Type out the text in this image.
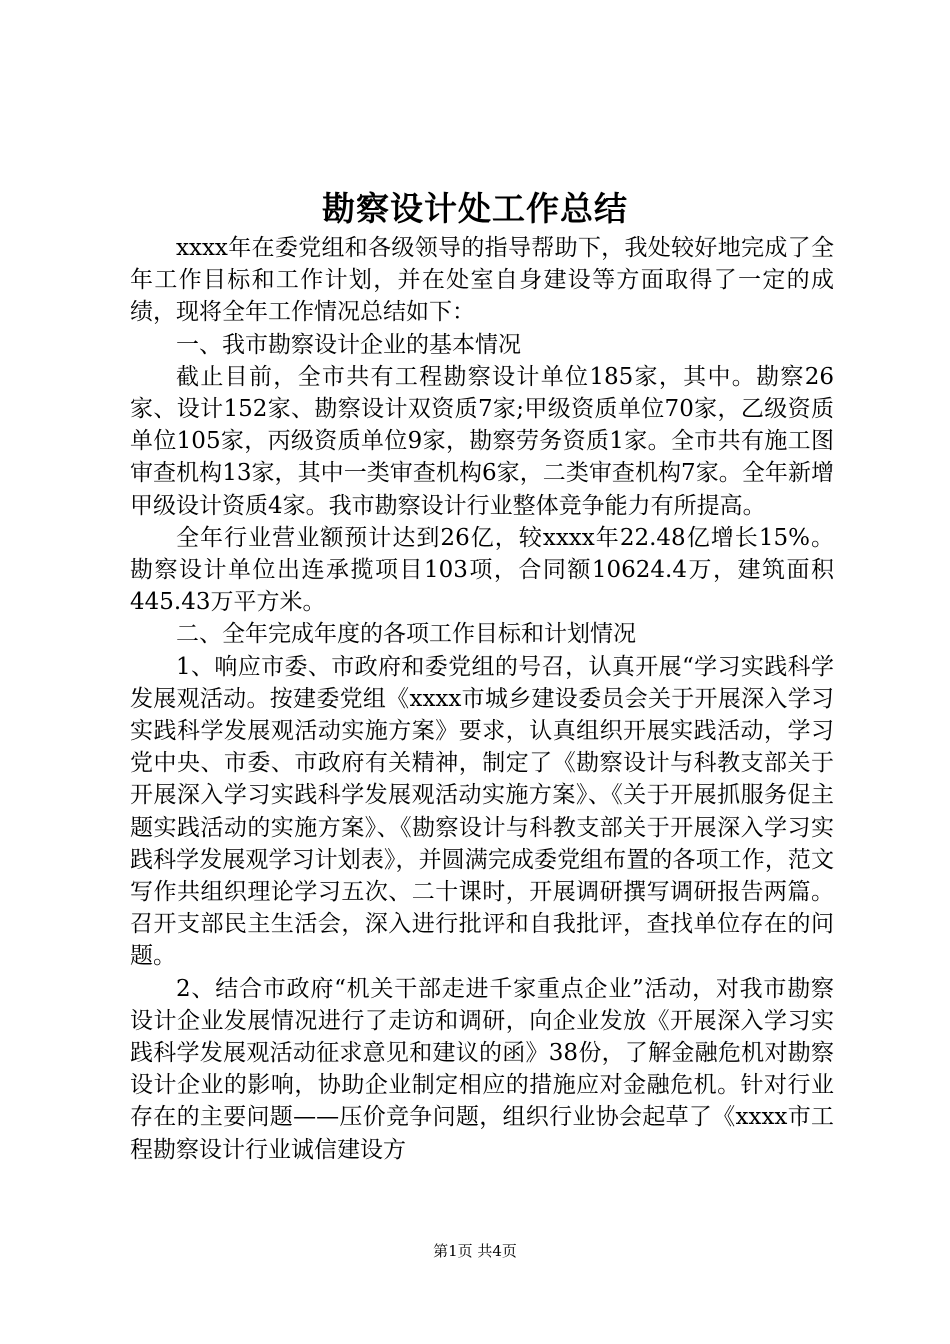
勘察设计处工作总结

xxxx年在委党组和各级领导的指导帮助下，我处较好地完成了全年工作目标和工作计划，并在处室自身建设等方面取得了一定的成绩，现将全年工作情况总结如下：

一、我市勘察设计企业的基本情况

截止目前，全市共有工程勘察设计单位185家，其中。勘察26家、设计152家、勘察设计双资质7家;甲级资质单位70家，乙级资质单位105家，丙级资质单位9家，勘察劳务资质1家。全市共有施工图审查机构13家，其中一类审查机构6家，二类审查机构7家。全年新增甲级设计资质4家。我市勘察设计行业整体竞争能力有所提高。

全年行业营业额预计达到26亿，较xxxx年22.48亿增长15%。勘察设计单位出连承揽项目103项，合同额10624.4万，建筑面积445.43万平方米。

二、全年完成年度的各项工作目标和计划情况

1、响应市委、市政府和委党组的号召，认真开展“学习实践科学发展观活动。按建委党组《xxxx市城乡建设委员会关于开展深入学习实践科学发展观活动实施方案》要求，认真组织开展实践活动，学习党中央、市委、市政府有关精神，制定了《勘察设计与科教支部关于开展深入学习实践科学发展观活动实施方案》、《关于开展抓服务促主题实践活动的实施方案》、《勘察设计与科教支部关于开展深入学习实践科学发展观学习计划表》，并圆满完成委党组布置的各项工作，范文写作共组织理论学习五次、二十课时，开展调研撰写调研报告两篇。召开支部民主生活会，深入进行批评和自我批评，查找单位存在的问题。

2、结合市政府“机关干部走进千家重点企业”活动，对我市勘察设计企业发展情况进行了走访和调研，向企业发放《开展深入学习实践科学发展观活动征求意见和建议的函》38份，了解金融危机对勘察设计企业的影响，协助企业制定相应的措施应对金融危机。针对行业存在的主要问题——压价竞争问题，组织行业协会起草了《xxxx市工程勘察设计行业诚信建设方

第1页 共4页
